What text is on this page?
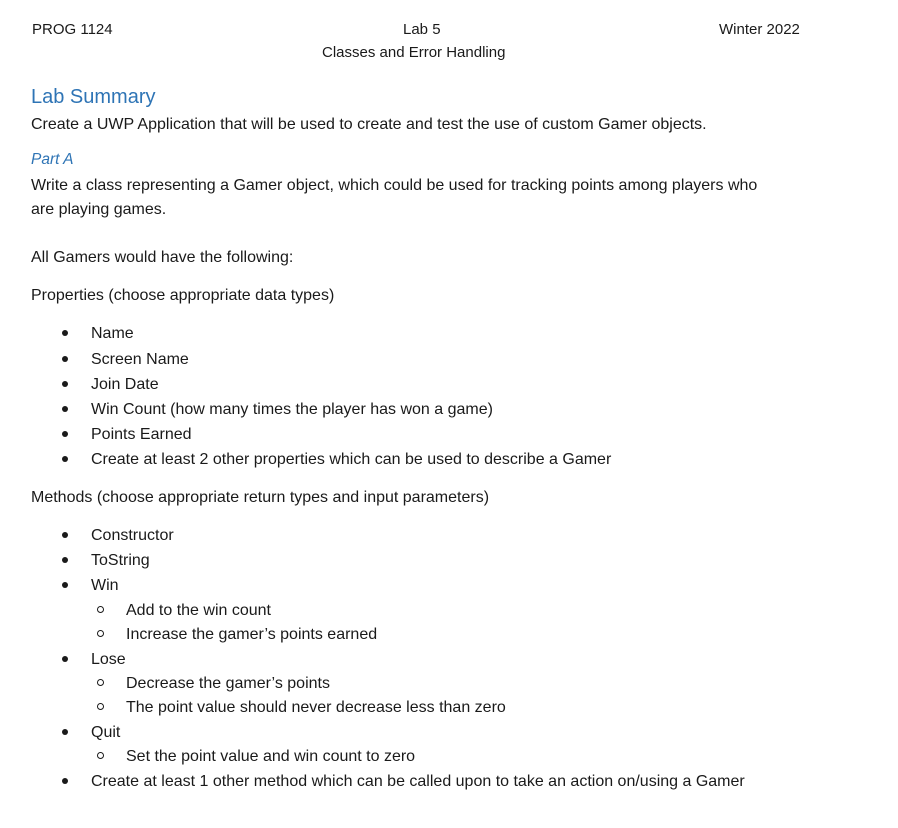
PROG 1124	Lab 5
Classes and Error Handling
Winter 2022
Lab Summary
Create a UWP Application that will be used to create and test the use of custom Gamer objects.
Part A
Write a class representing a Gamer object, which could be used for tracking points among players who
are playing games.
All Gamers would have the following:
Properties (choose appropriate data types)
Name
Screen Name
Join Date
Win Count (how many times the player has won a game)
Points Earned
Create at least 2 other properties which can be used to describe a Gamer
Methods (choose appropriate return types and input parameters)
Constructor
ToString
Win
Add to the win count
Increase the gamer’s points earned
Lose
Decrease the gamer’s points
The point value should never decrease less than zero
Quit
Set the point value and win count to zero
Create at least 1 other method which can be called upon to take an action on/using a Gamer
